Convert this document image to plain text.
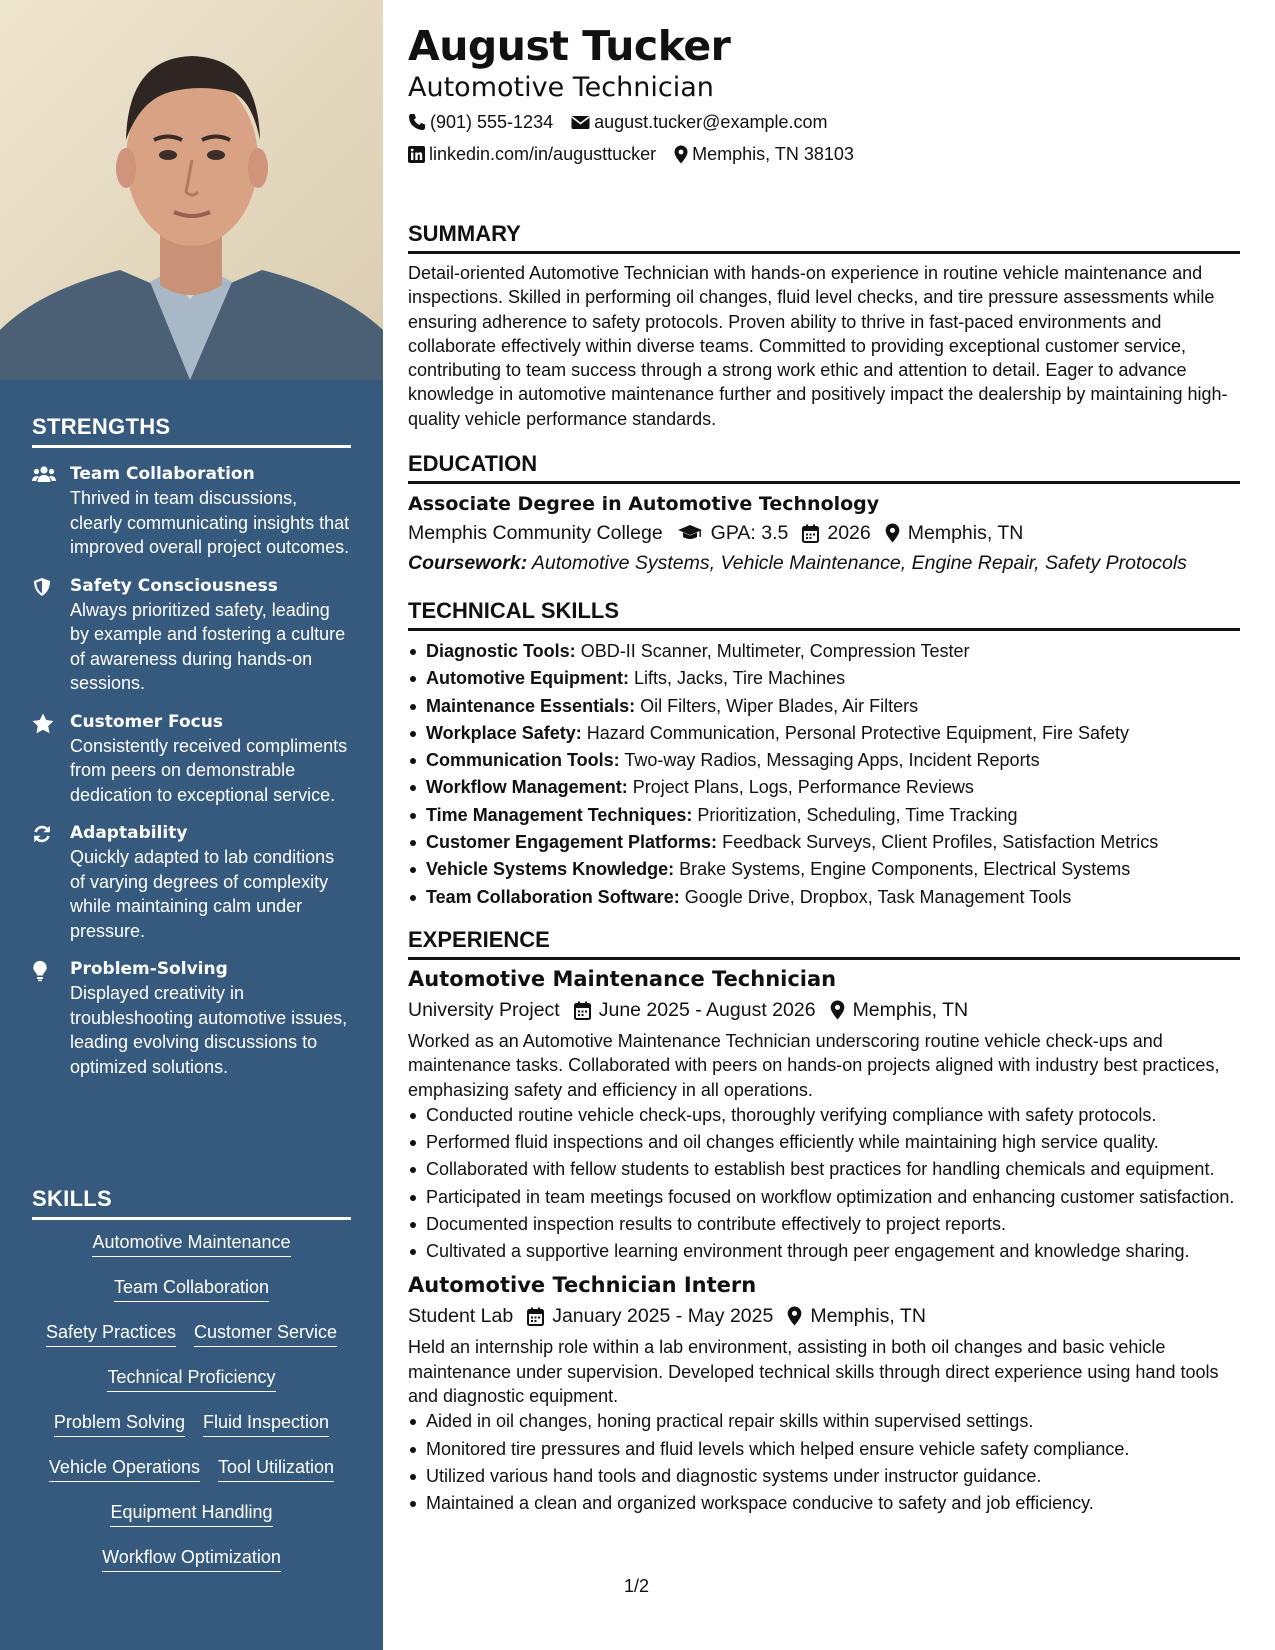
STRENGTHS
Team Collaboration
Thrived in team discussions, clearly communicating insights that improved overall project outcomes.
Safety Consciousness
Always prioritized safety, leading by example and fostering a culture of awareness during hands-on sessions.
Customer Focus
Consistently received compliments from peers on demonstrable dedication to exceptional service.
Adaptability
Quickly adapted to lab conditions of varying degrees of complexity while maintaining calm under pressure.
Problem-Solving
Displayed creativity in troubleshooting automotive issues, leading evolving discussions to optimized solutions.
SKILLS
Automotive Maintenance
Team Collaboration
Safety Practices Customer Service
Technical Proficiency
Problem Solving Fluid Inspection
Vehicle Operations Tool Utilization
Equipment Handling
Workflow Optimization
August Tucker
Automotive Technician
(901) 555-1234 august.tucker@example.com
linkedin.com/in/augusttucker Memphis, TN 38103
SUMMARY
Detail-oriented Automotive Technician with hands-on experience in routine vehicle maintenance and inspections. Skilled in performing oil changes, fluid level checks, and tire pressure assessments while ensuring adherence to safety protocols. Proven ability to thrive in fast-paced environments and collaborate effectively within diverse teams. Committed to providing exceptional customer service, contributing to team success through a strong work ethic and attention to detail. Eager to advance knowledge in automotive maintenance further and positively impact the dealership by maintaining high-quality vehicle performance standards.
EDUCATION
Associate Degree in Automotive Technology
Memphis Community College GPA: 3.5 2026 Memphis, TN
Coursework: Automotive Systems, Vehicle Maintenance, Engine Repair, Safety Protocols
TECHNICAL SKILLS
Diagnostic Tools: OBD-II Scanner, Multimeter, Compression Tester
Automotive Equipment: Lifts, Jacks, Tire Machines
Maintenance Essentials: Oil Filters, Wiper Blades, Air Filters
Workplace Safety: Hazard Communication, Personal Protective Equipment, Fire Safety
Communication Tools: Two-way Radios, Messaging Apps, Incident Reports
Workflow Management: Project Plans, Logs, Performance Reviews
Time Management Techniques: Prioritization, Scheduling, Time Tracking
Customer Engagement Platforms: Feedback Surveys, Client Profiles, Satisfaction Metrics
Vehicle Systems Knowledge: Brake Systems, Engine Components, Electrical Systems
Team Collaboration Software: Google Drive, Dropbox, Task Management Tools
EXPERIENCE
Automotive Maintenance Technician
University Project June 2025 - August 2026 Memphis, TN
Worked as an Automotive Maintenance Technician underscoring routine vehicle check-ups and maintenance tasks. Collaborated with peers on hands-on projects aligned with industry best practices, emphasizing safety and efficiency in all operations.
Conducted routine vehicle check-ups, thoroughly verifying compliance with safety protocols.
Performed fluid inspections and oil changes efficiently while maintaining high service quality.
Collaborated with fellow students to establish best practices for handling chemicals and equipment.
Participated in team meetings focused on workflow optimization and enhancing customer satisfaction.
Documented inspection results to contribute effectively to project reports.
Cultivated a supportive learning environment through peer engagement and knowledge sharing.
Automotive Technician Intern
Student Lab January 2025 - May 2025 Memphis, TN
Held an internship role within a lab environment, assisting in both oil changes and basic vehicle maintenance under supervision. Developed technical skills through direct experience using hand tools and diagnostic equipment.
Aided in oil changes, honing practical repair skills within supervised settings.
Monitored tire pressures and fluid levels which helped ensure vehicle safety compliance.
Utilized various hand tools and diagnostic systems under instructor guidance.
Maintained a clean and organized workspace conducive to safety and job efficiency.
1/2
